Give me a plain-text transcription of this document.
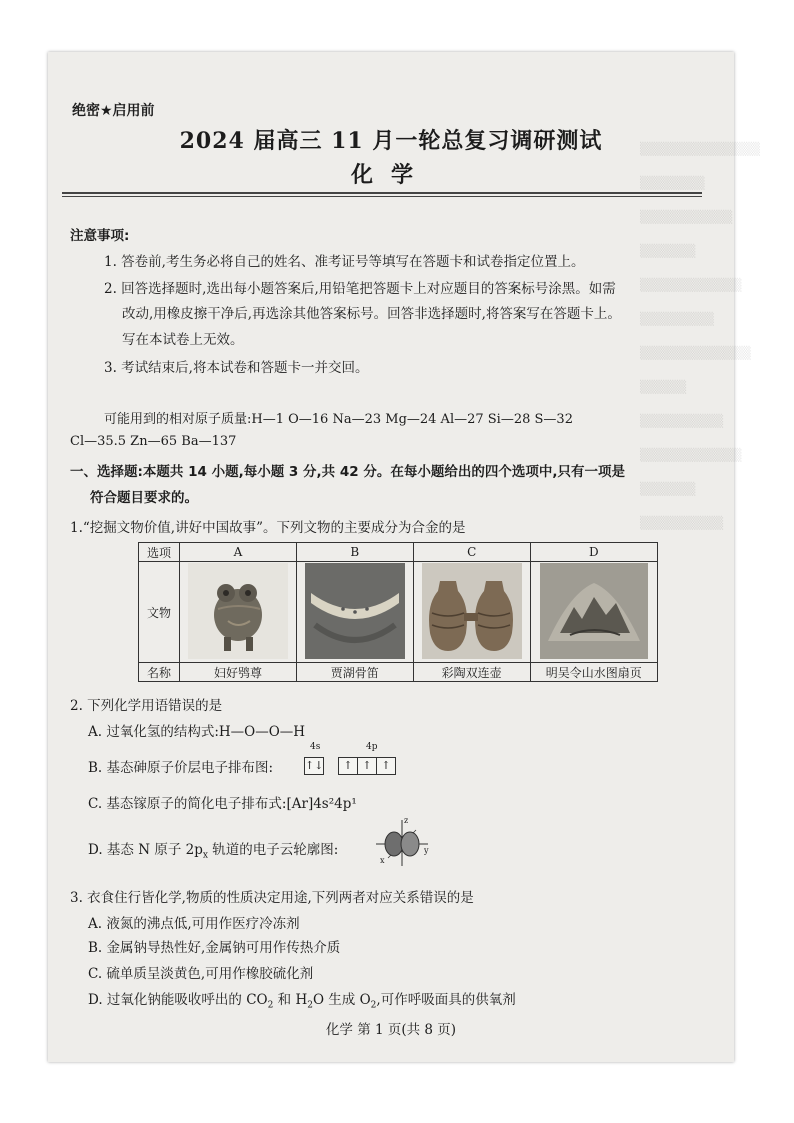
▒▒▒▒▒▒▒▒▒▒▒▒▒
▒▒▒▒▒▒▒
▒▒▒▒▒▒▒▒▒▒
▒▒▒▒▒▒
▒▒▒▒▒▒▒▒▒▒▒
▒▒▒▒▒▒▒▒
▒▒▒▒▒▒▒▒▒▒▒▒
▒▒▒▒▒
▒▒▒▒▒▒▒▒▒
▒▒▒▒▒▒▒▒▒▒▒
▒▒▒▒▒▒
▒▒▒▒▒▒▒▒▒
绝密★启用前
2024 届高三 11 月一轮总复习调研测试
化学
注意事项:
1. 答卷前,考生务必将自己的姓名、准考证号等填写在答题卡和试卷指定位置上。
2. 回答选择题时,选出每小题答案后,用铅笔把答题卡上对应题目的答案标号涂黑。如需
改动,用橡皮擦干净后,再选涂其他答案标号。回答非选择题时,将答案写在答题卡上。
写在本试卷上无效。
3. 考试结束后,将本试卷和答题卡一并交回。
可能用到的相对原子质量:H—1 O—16 Na—23 Mg—24 Al—27 Si—28 S—32
Cl—35.5 Zn—65 Ba—137
一、选择题:本题共 14 小题,每小题 3 分,共 42 分。在每小题给出的四个选项中,只有一项是
符合题目要求的。
1.“挖掘文物价值,讲好中国故事”。下列文物的主要成分为合金的是
选项	A	B	C	D
文物				
名称	妇好鸮尊	贾湖骨笛	彩陶双连壶	明吴令山水图扇页
2. 下列化学用语错误的是
A. 过氧化氢的结构式:H—O—O—H
B. 基态砷原子价层电子排布图:
4s	4p
↑↓	↑ ↑ ↑
C. 基态镓原子的简化电子排布式:[Ar]4s²4p¹
D. 基态 N 原子 $2p_x$ 轨道的电子云轮廓图:
z
x
y
3. 衣食住行皆化学,物质的性质决定用途,下列两者对应关系错误的是
A. 液氮的沸点低,可用作医疗冷冻剂
B. 金属钠导热性好,金属钠可用作传热介质
C. 硫单质呈淡黄色,可用作橡胶硫化剂
D. 过氧化钠能吸收呼出的 $CO_2$ 和 $H_2O$ 生成 $O_2$,可作呼吸面具的供氧剂
化学 第 1 页(共 8 页)
